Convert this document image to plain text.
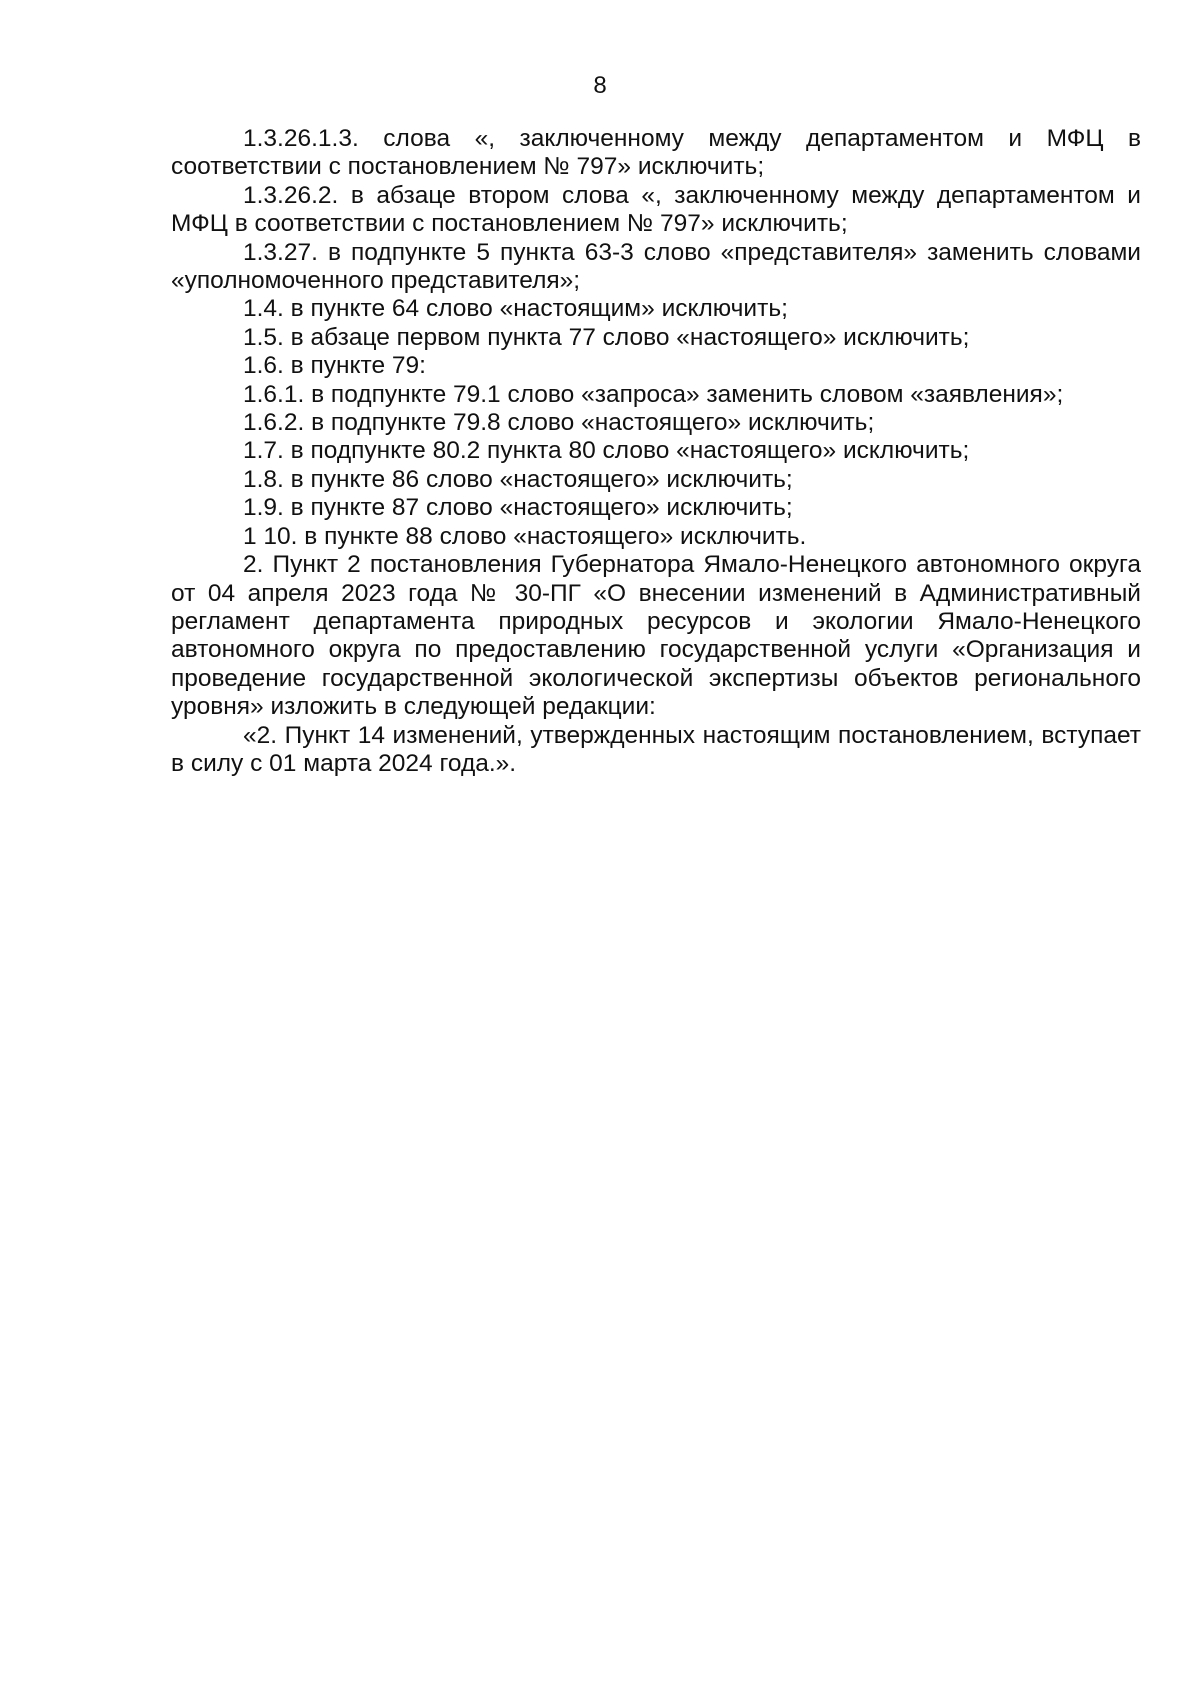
8

1.3.26.1.3. слова «, заключенному между департаментом и МФЦ в соответствии с постановлением № 797» исключить;

1.3.26.2. в абзаце втором слова «, заключенному между департаментом и МФЦ в соответствии с постановлением № 797» исключить;

1.3.27. в подпункте 5 пункта 63-3 слово «представителя» заменить словами «уполномоченного представителя»;

1.4. в пункте 64 слово «настоящим» исключить;

1.5. в абзаце первом пункта 77 слово «настоящего» исключить;

1.6. в пункте 79:

1.6.1. в подпункте 79.1 слово «запроса» заменить словом «заявления»;

1.6.2. в подпункте 79.8 слово «настоящего» исключить;

1.7. в подпункте 80.2 пункта 80 слово «настоящего» исключить;

1.8. в пункте 86 слово «настоящего» исключить;

1.9. в пункте 87 слово «настоящего» исключить;

1 10. в пункте 88 слово «настоящего» исключить.

2. Пункт 2 постановления Губернатора Ямало-Ненецкого автономного округа от 04 апреля 2023 года № 30-ПГ «О внесении изменений в Административный регламент департамента природных ресурсов и экологии Ямало-Ненецкого автономного округа по предоставлению государственной услуги «Организация и проведение государственной экологической экспертизы объектов регионального уровня» изложить в следующей редакции:

«2. Пункт 14 изменений, утвержденных настоящим постановлением, вступает в силу с 01 марта 2024 года.».
